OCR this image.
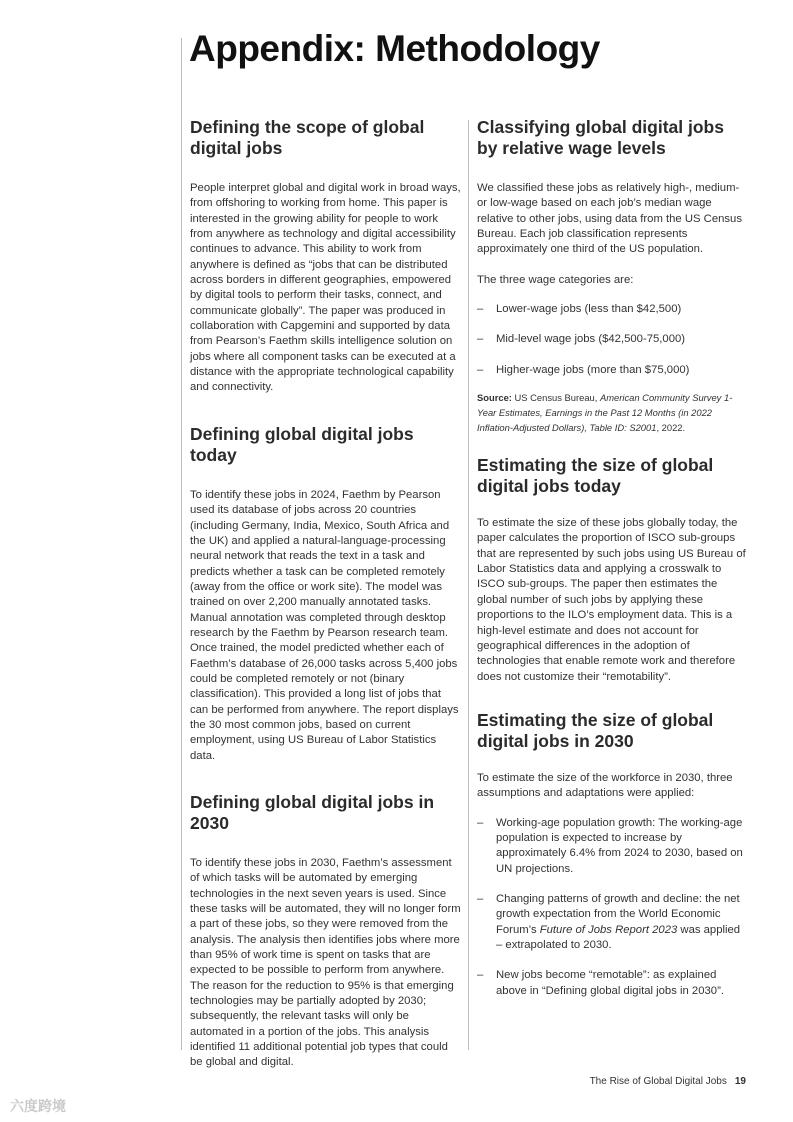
Appendix: Methodology
Defining the scope of global digital jobs

People interpret global and digital work in broad ways, from offshoring to working from home. This paper is interested in the growing ability for people to work from anywhere as technology and digital accessibility continues to advance. This ability to work from anywhere is defined as “jobs that can be distributed across borders in different geographies, empowered by digital tools to perform their tasks, connect, and communicate globally”. The paper was produced in collaboration with Capgemini and supported by data from Pearson’s Faethm skills intelligence solution on jobs where all component tasks can be executed at a distance with the appropriate technological capability and connectivity.

Defining global digital jobs today

To identify these jobs in 2024, Faethm by Pearson used its database of jobs across 20 countries (including Germany, India, Mexico, South Africa and the UK) and applied a natural-language-processing neural network that reads the text in a task and predicts whether a task can be completed remotely (away from the office or work site). The model was trained on over 2,200 manually annotated tasks. Manual annotation was completed through desktop research by the Faethm by Pearson research team. Once trained, the model predicted whether each of Faethm’s database of 26,000 tasks across 5,400 jobs could be completed remotely or not (binary classification). This provided a long list of jobs that can be performed from anywhere. The report displays the 30 most common jobs, based on current employment, using US Bureau of Labor Statistics data.

Defining global digital jobs in 2030

To identify these jobs in 2030, Faethm’s assessment of which tasks will be automated by emerging technologies in the next seven years is used. Since these tasks will be automated, they will no longer form a part of these jobs, so they were removed from the analysis. The analysis then identifies jobs where more than 95% of work time is spent on tasks that are expected to be possible to perform from anywhere. The reason for the reduction to 95% is that emerging technologies may be partially adopted by 2030; subsequently, the relevant tasks will only be automated in a portion of the jobs. This analysis identified 11 additional potential job types that could be global and digital.

Classifying global digital jobs by relative wage levels

We classified these jobs as relatively high-, medium- or low-wage based on each job’s median wage relative to other jobs, using data from the US Census Bureau. Each job classification represents approximately one third of the US population.

The three wage categories are:

– Lower-wage jobs (less than $42,500)
– Mid-level wage jobs ($42,500-75,000)
– Higher-wage jobs (more than $75,000)

Source: US Census Bureau, American Community Survey 1-Year Estimates, Earnings in the Past 12 Months (in 2022 Inflation-Adjusted Dollars), Table ID: S2001, 2022.

Estimating the size of global digital jobs today

To estimate the size of these jobs globally today, the paper calculates the proportion of ISCO sub-groups that are represented by such jobs using US Bureau of Labor Statistics data and applying a crosswalk to ISCO sub-groups. The paper then estimates the global number of such jobs by applying these proportions to the ILO’s employment data. This is a high-level estimate and does not account for geographical differences in the adoption of technologies that enable remote work and therefore does not customize their “remotability”.

Estimating the size of global digital jobs in 2030

To estimate the size of the workforce in 2030, three assumptions and adaptations were applied:

– Working-age population growth: The working-age population is expected to increase by approximately 6.4% from 2024 to 2030, based on UN projections.
– Changing patterns of growth and decline: the net growth expectation from the World Economic Forum’s Future of Jobs Report 2023 was applied – extrapolated to 2030.
– New jobs become “remotable”: as explained above in “Defining global digital jobs in 2030”.
The Rise of Global Digital Jobs 19
六度跨境
